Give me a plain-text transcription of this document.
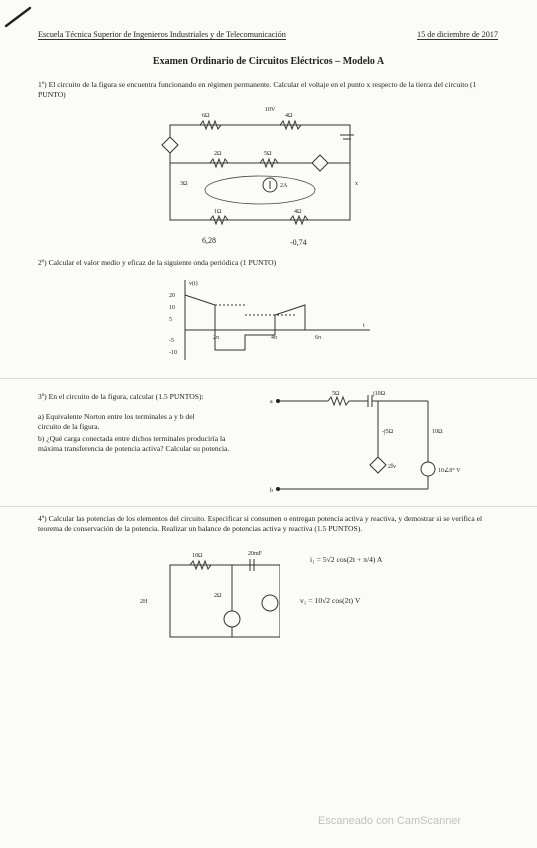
Escuela Técnica Superior de Ingenieros Industriales y de Telecomunicación	15 de diciembre de 2017
Examen Ordinario de Circuitos Eléctricos – Modelo A
1º) El circuito de la figura se encuentra funcionando en régimen permanente. Calcular el voltaje en el punto x respecto de la tierra del circuito (1 PUNTO)
6Ω
10V
4Ω
2Ω	5Ω
3Ω	2A
1Ω	4Ω
x
6,28	-0,74
2º) Calcular el valor medio y eficaz de la siguiente onda periódica (1 PUNTO)
v(t)
t
20
10
5
-5
-10
2π	4π	6π
3º) En el circuito de la figura, calcular (1.5 PUNTOS):
a) Equivalente Norton entre los terminales a y b del circuito de la figura.
b) ¿Qué carga conectada entre dichos terminales produciría la máxima transferencia de potencia activa? Calcular su potencia.
a
b
5Ω	j10Ω
-j5Ω	10Ω
2Īv
10∠0° V
4º) Calcular las potencias de los elementos del circuito. Especificar si consumen o entregan potencia activa y reactiva, y demostrar si se verifica el teorema de conservación de la potencia. Realizar un balance de potencias activa y reactiva (1.5 PUNTOS).
10Ω	20mF
2H
2Ω
i₁ = 5√2 cos(2t + π/4) A
v₁ = 10√2 cos(2t) V
Escaneado con CamScanner
